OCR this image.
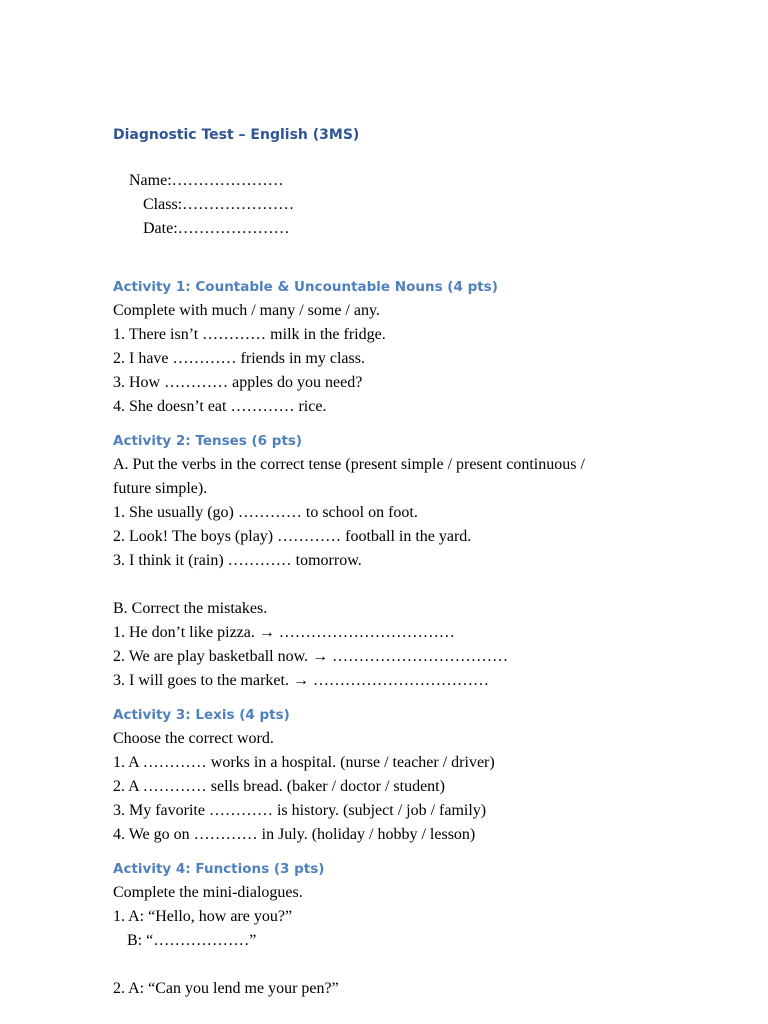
Diagnostic Test – English (3MS)

Name:…………………
Class:…………………
Date:…………………

Activity 1: Countable & Uncountable Nouns (4 pts)

Complete with much / many / some / any.

1. There isn’t ………… milk in the fridge.

2. I have ………… friends in my class.

3. How ………… apples do you need?

4. She doesn’t eat ………… rice.

Activity 2: Tenses (6 pts)

A. Put the verbs in the correct tense (present simple / present continuous /

future simple).

1. She usually (go) ………… to school on foot.

2. Look! The boys (play) ………… football in the yard.

3. I think it (rain) ………… tomorrow.

B. Correct the mistakes.

1. He don’t like pizza. → ……………………………

2. We are play basketball now. → ……………………………

3. I will goes to the market. → ……………………………

Activity 3: Lexis (4 pts)

Choose the correct word.

1. A ………… works in a hospital. (nurse / teacher / driver)

2. A ………… sells bread. (baker / doctor / student)

3. My favorite ………… is history. (subject / job / family)

4. We go on ………… in July. (holiday / hobby / lesson)

Activity 4: Functions (3 pts)

Complete the mini-dialogues.

1. A: “Hello, how are you?”

B: “………………”

2. A: “Can you lend me your pen?”
